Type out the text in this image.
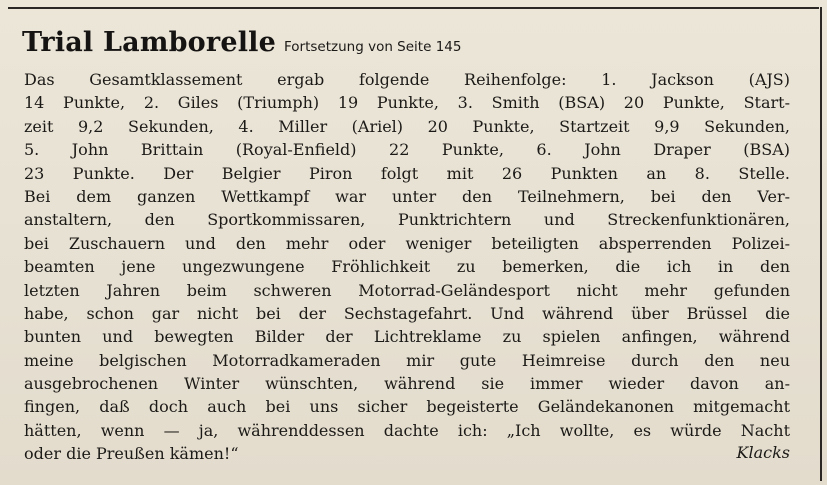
Trial Lamborelle Fortsetzung von Seite 145
Das Gesamtklassement ergab folgende Reihenfolge: 1. Jackson (AJS)
14 Punkte, 2. Giles (Triumph) 19 Punkte, 3. Smith (BSA) 20 Punkte, Start-
zeit 9,2 Sekunden, 4. Miller (Ariel) 20 Punkte, Startzeit 9,9 Sekunden,
5. John Brittain (Royal-Enfield) 22 Punkte, 6. John Draper (BSA)
23 Punkte. Der Belgier Piron folgt mit 26 Punkten an 8. Stelle.
Bei dem ganzen Wettkampf war unter den Teilnehmern, bei den Ver-
anstaltern, den Sportkommissaren, Punktrichtern und Streckenfunktionären,
bei Zuschauern und den mehr oder weniger beteiligten absperrenden Polizei-
beamten jene ungezwungene Fröhlichkeit zu bemerken, die ich in den
letzten Jahren beim schweren Motorrad-Geländesport nicht mehr gefunden
habe, schon gar nicht bei der Sechstagefahrt. Und während über Brüssel die
bunten und bewegten Bilder der Lichtreklame zu spielen anfingen, während
meine belgischen Motorradkameraden mir gute Heimreise durch den neu
ausgebrochenen Winter wünschten, während sie immer wieder davon an-
fingen, daß doch auch bei uns sicher begeisterte Geländekanonen mitgemacht
hätten, wenn — ja, währenddessen dachte ich: „Ich wollte, es würde Nacht
oder die Preußen kämen!“	Klacks
